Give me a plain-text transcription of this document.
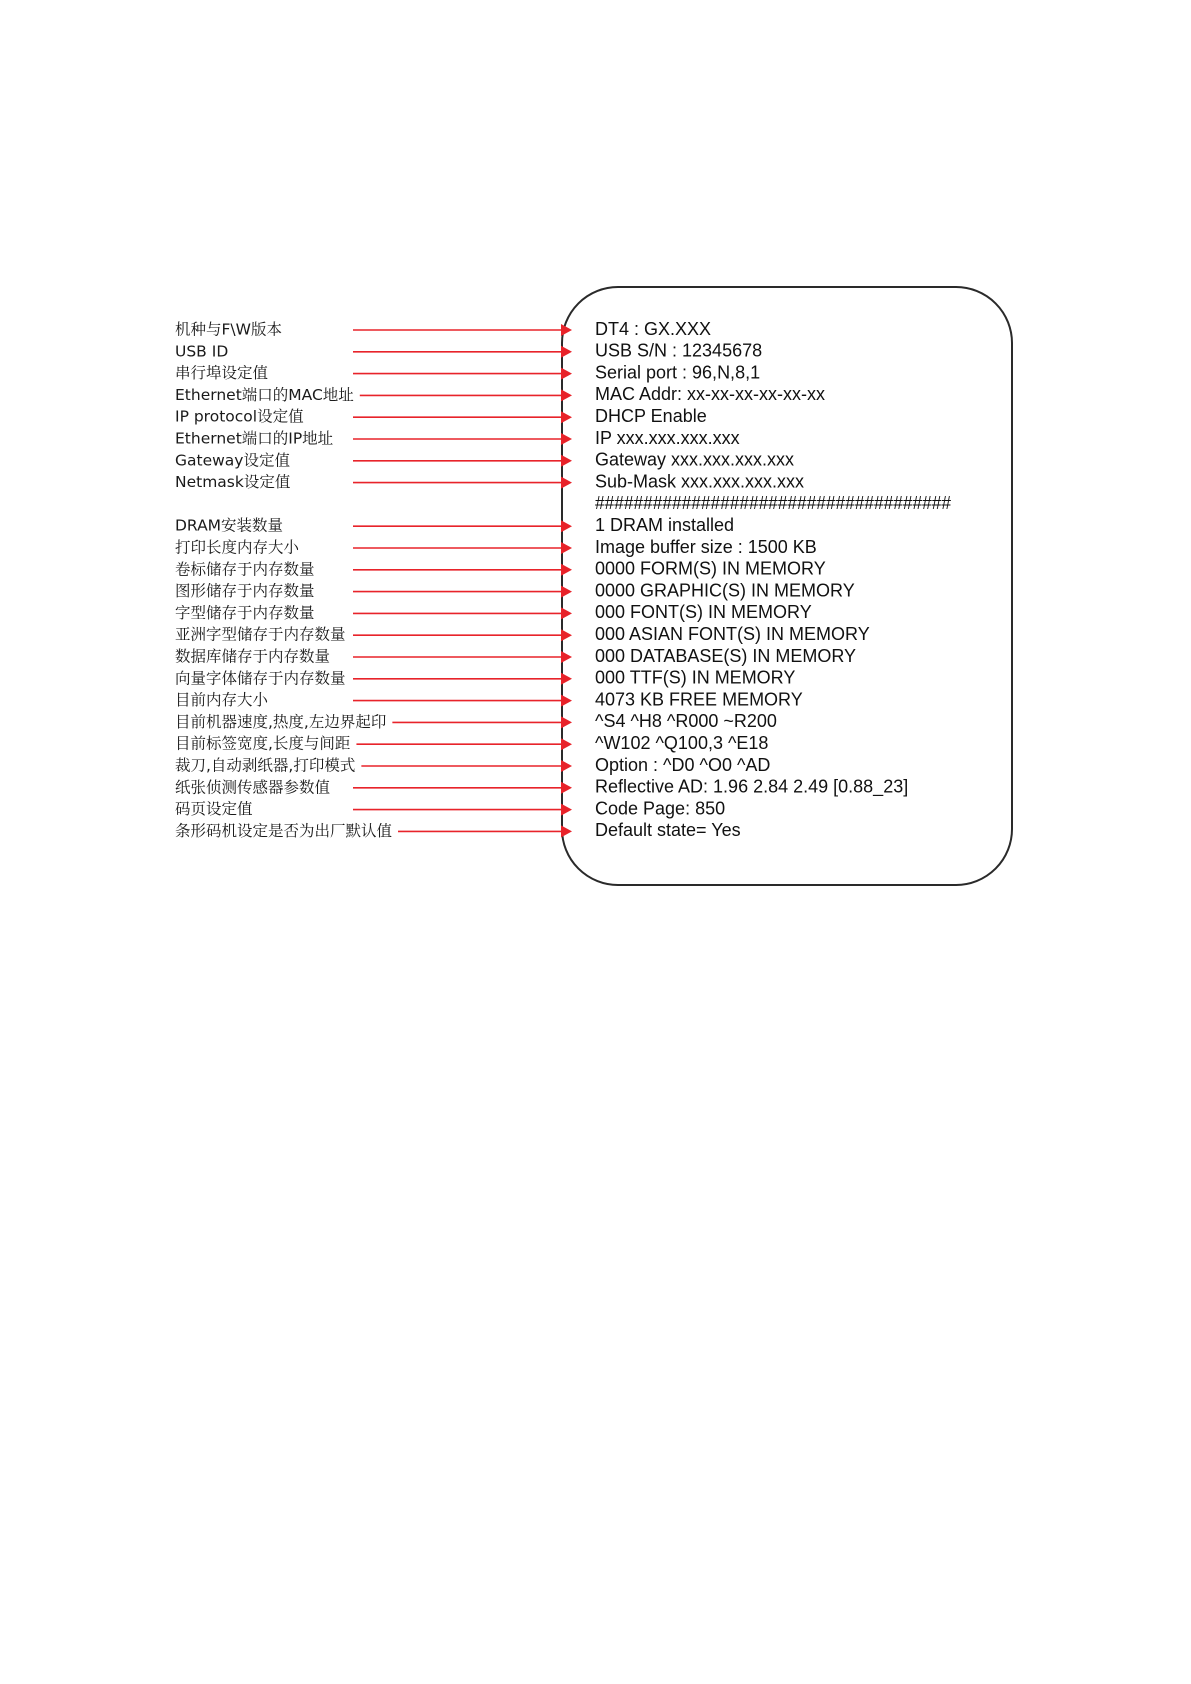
机种与F\W版本	DT4 : GX.XXX
USB ID	USB S/N : 12345678
串行埠设定值	Serial port : 96,N,8,1
Ethernet端口的MAC地址	MAC Addr: xx-xx-xx-xx-xx-xx
IP protocol设定值	DHCP Enable
Ethernet端口的IP地址	IP xxx.xxx.xxx.xxx
Gateway设定值	Gateway xxx.xxx.xxx.xxx
Netmask设定值	Sub-Mask xxx.xxx.xxx.xxx
#####################################
DRAM安装数量	1 DRAM installed
打印长度内存大小	Image buffer size : 1500 KB
卷标储存于内存数量	0000 FORM(S) IN MEMORY
图形储存于内存数量	0000 GRAPHIC(S) IN MEMORY
字型储存于内存数量	000 FONT(S) IN MEMORY
亚洲字型储存于内存数量	000 ASIAN FONT(S) IN MEMORY
数据库储存于内存数量	000 DATABASE(S) IN MEMORY
向量字体储存于内存数量	000 TTF(S) IN MEMORY
目前内存大小	4073 KB FREE MEMORY
目前机器速度,热度,左边界起印	^S4 ^H8 ^R000 ~R200
目前标签宽度,长度与间距	^W102 ^Q100,3 ^E18
裁刀,自动剥纸器,打印模式	Option : ^D0 ^O0 ^AD
纸张侦测传感器参数值	Reflective AD: 1.96 2.84 2.49 [0.88_23]
码页设定值	Code Page: 850
条形码机设定是否为出厂默认值	Default state= Yes
